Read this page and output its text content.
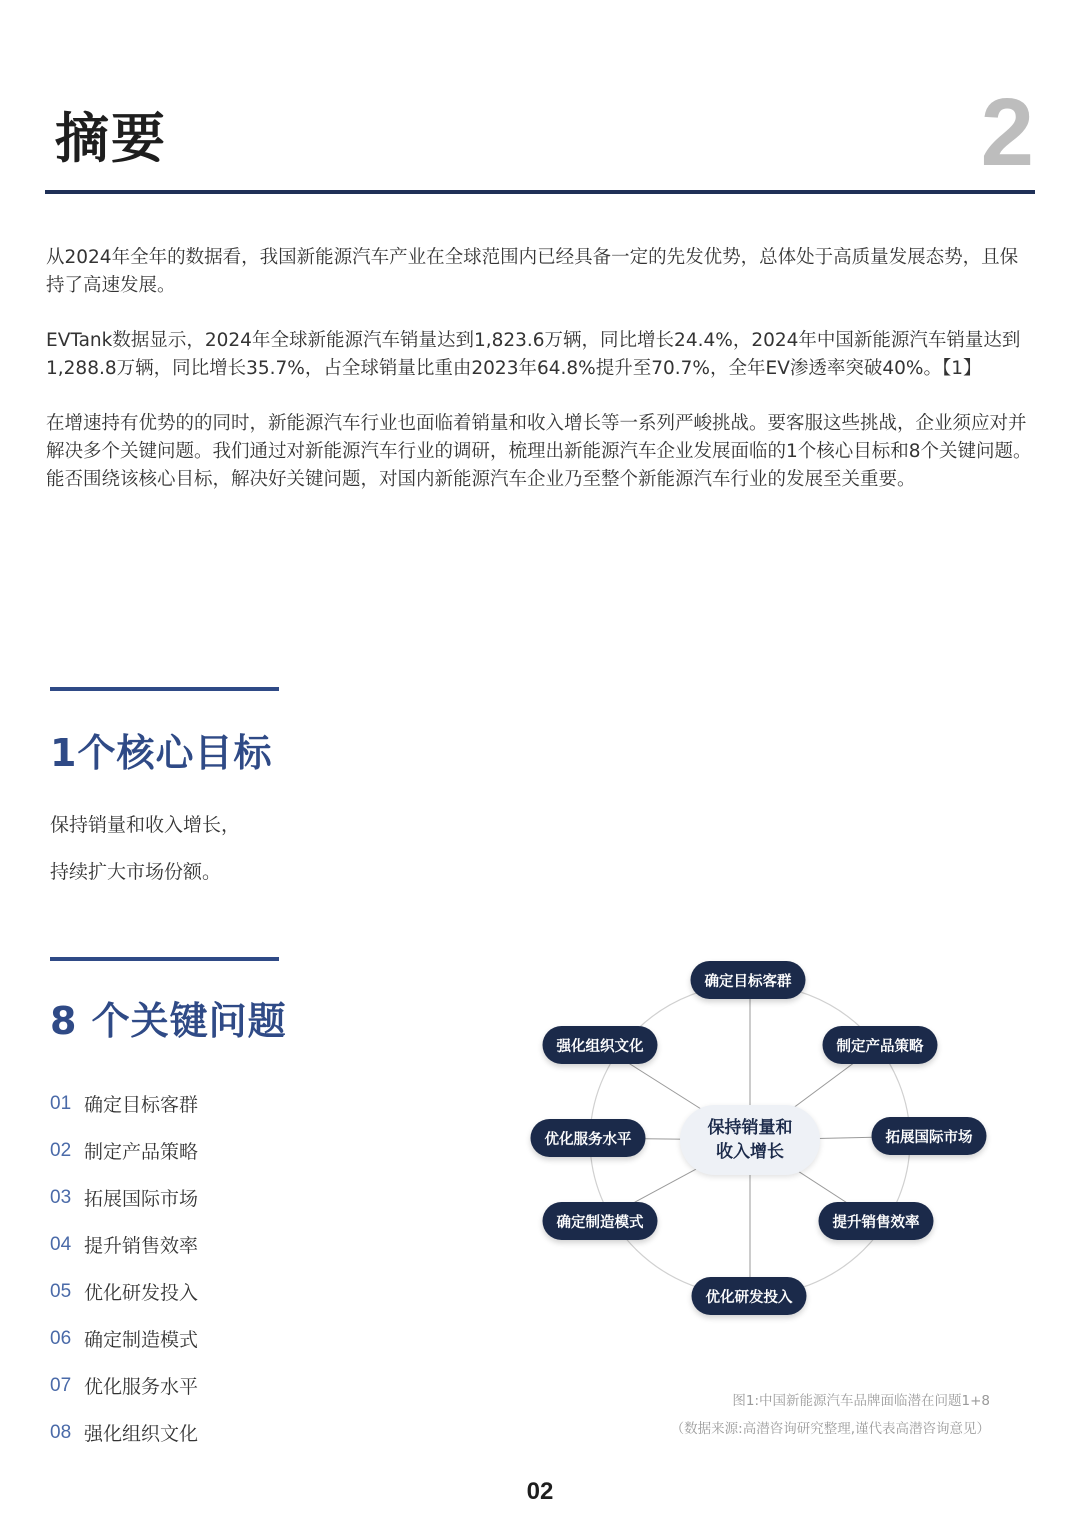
摘要	2

从2024年全年的数据看，我国新能源汽车产业在全球范围内已经具备一定的先发优势，总体处于高质量发展态势，且保持了高速发展。

EVTank数据显示，2024年全球新能源汽车销量达到1,823.6万辆，同比增长24.4%，2024年中国新能源汽车销量达到1,288.8万辆，同比增长35.7%，占全球销量比重由2023年64.8%提升至70.7%，全年EV渗透率突破40%。【1】

在增速持有优势的的同时，新能源汽车行业也面临着销量和收入增长等一系列严峻挑战。要客服这些挑战，企业须应对并解决多个关键问题。我们通过对新能源汽车行业的调研，梳理出新能源汽车企业发展面临的1个核心目标和8个关键问题。能否围绕该核心目标，解决好关键问题，对国内新能源汽车企业乃至整个新能源汽车行业的发展至关重要。

1个核心目标
保持销量和收入增长，
持续扩大市场份额。
8 个关键问题
01 确定目标客群
02 制定产品策略
03 拓展国际市场
04 提升销售效率
05 优化研发投入
06 确定制造模式
07 优化服务水平
08 强化组织文化
确定目标客群
制定产品策略
拓展国际市场
提升销售效率
优化研发投入
确定制造模式
优化服务水平
强化组织文化
保持销量和
收入增长
图1:中国新能源汽车品牌面临潜在问题1+8
（数据来源:高潜咨询研究整理,谨代表高潜咨询意见）
02
